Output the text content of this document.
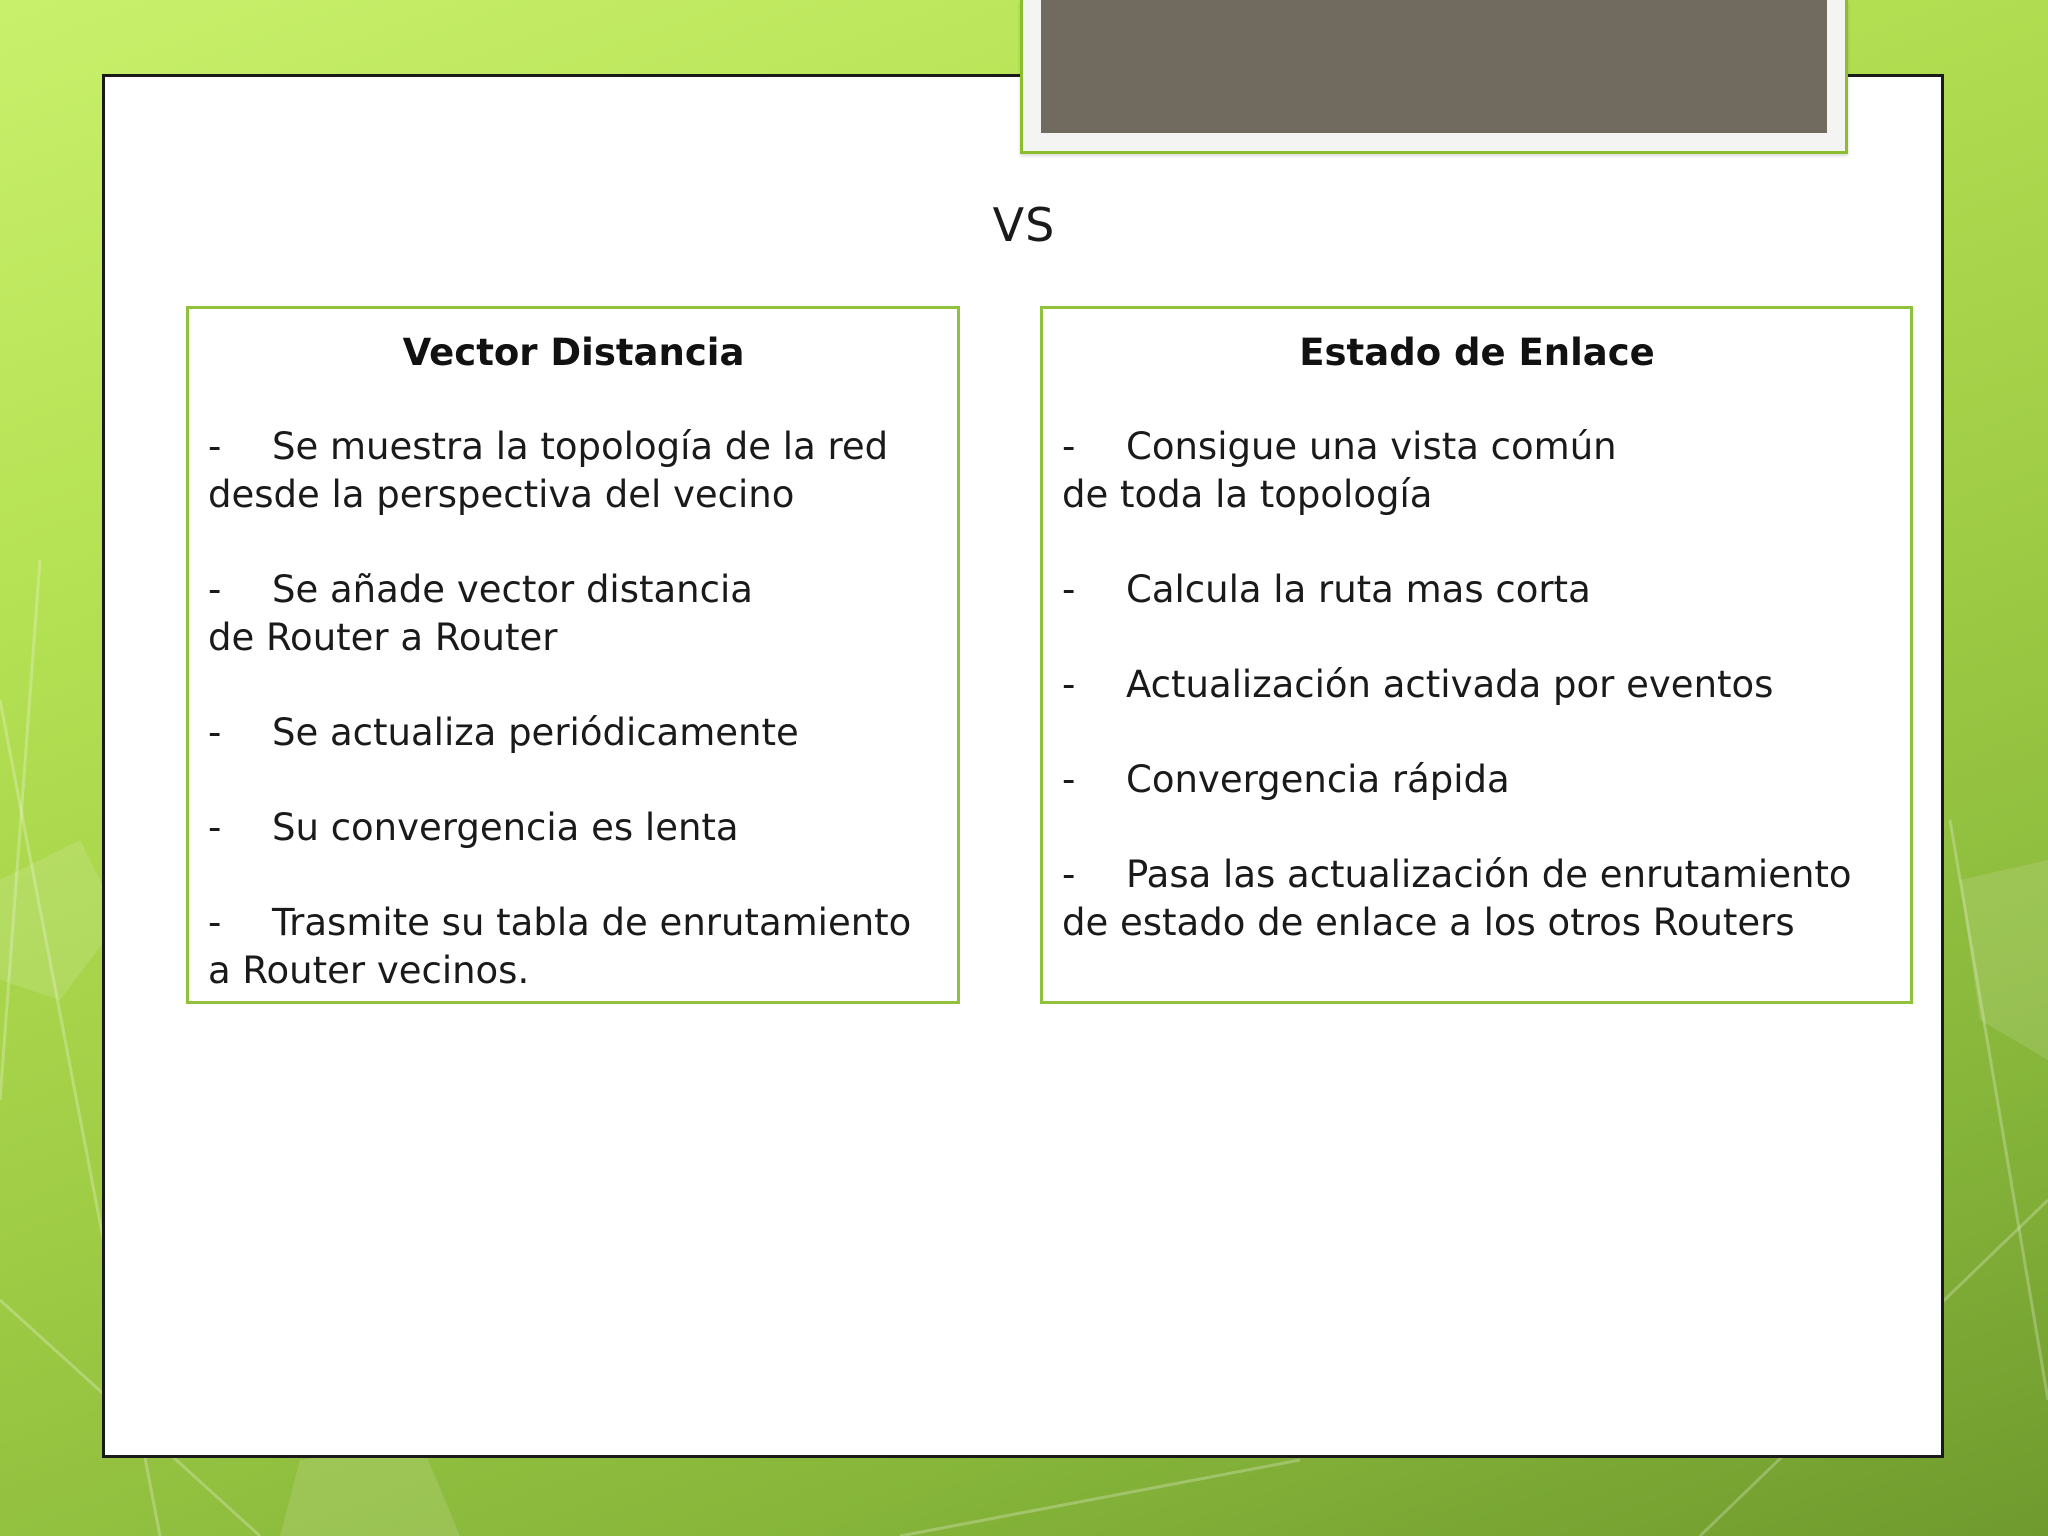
VS
Vector Distancia
- Se muestra la topología de la red
desde la perspectiva del vecino
- Se añade vector distancia
de Router a Router
- Se actualiza periódicamente
- Su convergencia es lenta
- Trasmite su tabla de enrutamiento
a Router vecinos.
Estado de Enlace
- Consigue una vista común
de toda la topología
- Calcula la ruta mas corta
- Actualización activada por eventos
- Convergencia rápida
- Pasa las actualización de enrutamiento
de estado de enlace a los otros Routers
